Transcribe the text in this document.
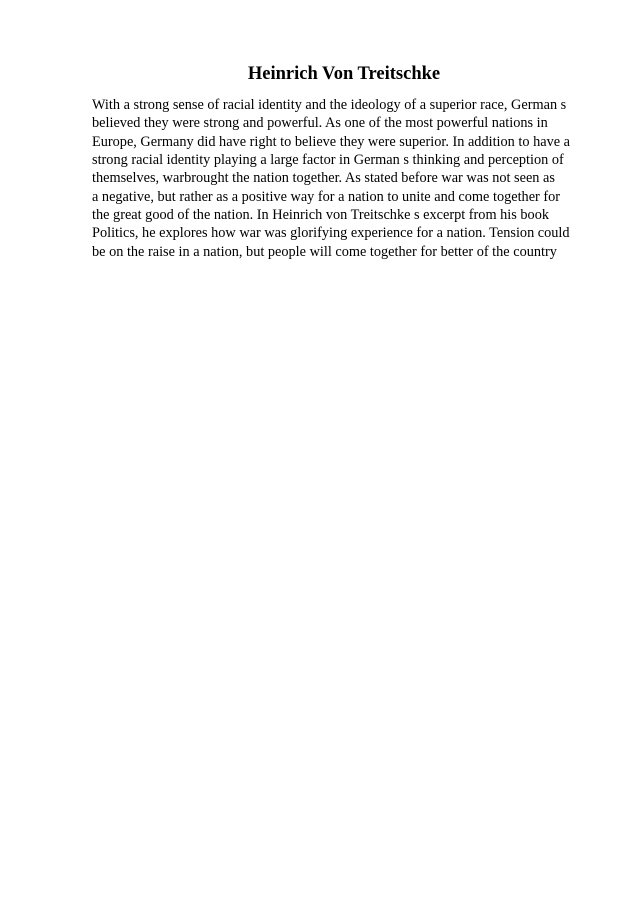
Heinrich Von Treitschke

With a strong sense of racial identity and the ideology of a superior race, German s
believed they were strong and powerful. As one of the most powerful nations in
Europe, Germany did have right to believe they were superior. In addition to have a
strong racial identity playing a large factor in German s thinking and perception of
themselves, warbrought the nation together. As stated before war was not seen as
a negative, but rather as a positive way for a nation to unite and come together for
the great good of the nation. In Heinrich von Treitschke s excerpt from his book
Politics, he explores how war was glorifying experience for a nation. Tension could
be on the raise in a nation, but people will come together for better of the country
